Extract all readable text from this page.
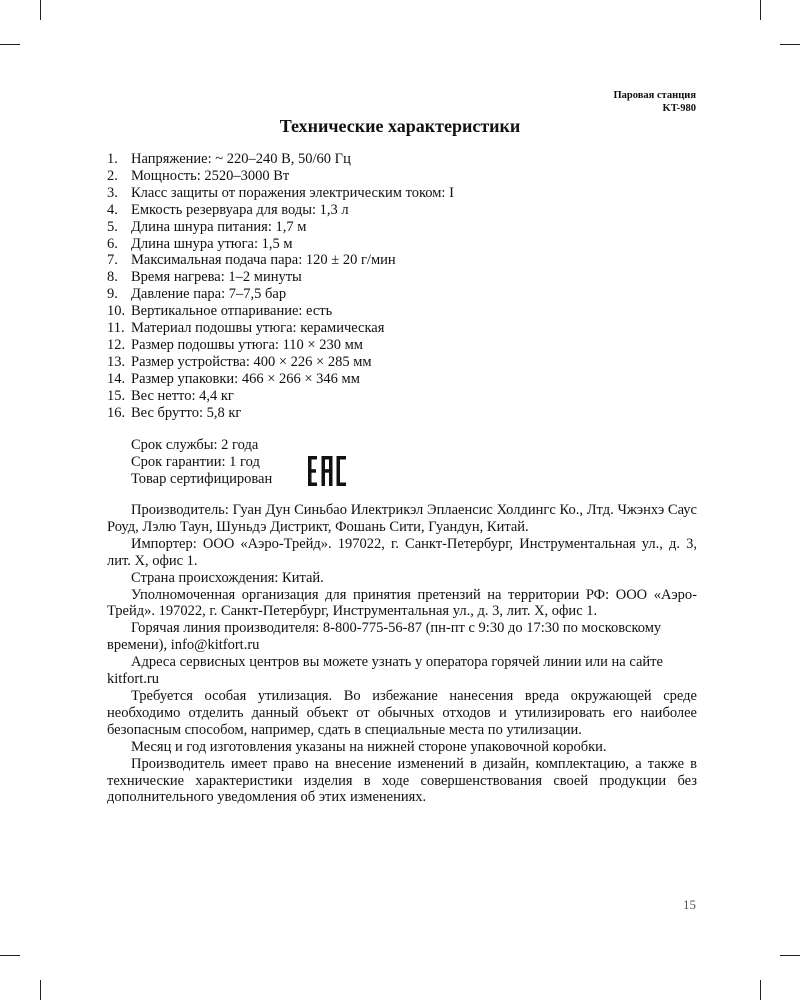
Паровая станция
KT-980
Технические характеристики
1. Напряжение: ~ 220–240 В, 50/60 Гц
2. Мощность: 2520–3000 Вт
3. Класс защиты от поражения электрическим током: I
4. Емкость резервуара для воды: 1,3 л
5. Длина шнура питания: 1,7 м
6. Длина шнура утюга: 1,5 м
7. Максимальная подача пара: 120 ± 20 г/мин
8. Время нагрева: 1–2 минуты
9. Давление пара: 7–7,5 бар
10. Вертикальное отпаривание: есть
11. Материал подошвы утюга: керамическая
12. Размер подошвы утюга: 110 × 230 мм
13. Размер устройства: 400 × 226 × 285 мм
14. Размер упаковки: 466 × 266 × 346 мм
15. Вес нетто: 4,4 кг
16. Вес брутто: 5,8 кг
Срок службы: 2 года
Срок гарантии: 1 год
Товар сертифицирован

Производитель: Гуан Дун Синьбао Илектрикэл Эплаенсис Холдингс Ко., Лтд. Чжэнхэ Саус Роуд, Лэлю Таун, Шуньдэ Дистрикт, Фошань Сити, Гуандун, Китай.

Импортер: ООО «Аэро-Трейд». 197022, г. Санкт-Петербург, Инструментальная ул., д. 3, лит. Х, офис 1.

Страна происхождения: Китай.

Уполномоченная организация для принятия претензий на территории РФ: ООО «Аэро-Трейд». 197022, г. Санкт-Петербург, Инструментальная ул., д. 3, лит. Х, офис 1.

Горячая линия производителя: 8-800-775-56-87 (пн-пт с 9:30 до 17:30 по московскому времени), info@kitfort.ru

Адреса сервисных центров вы можете узнать у оператора горячей линии или на сайте kitfort.ru

Требуется особая утилизация. Во избежание нанесения вреда окружающей среде необходимо отделить данный объект от обычных отходов и утилизировать его наиболее безопасным способом, например, сдать в специальные места по утилизации.

Месяц и год изготовления указаны на нижней стороне упаковочной коробки.

Производитель имеет право на внесение изменений в дизайн, комплектацию, а также в технические характеристики изделия в ходе совершенствования своей продукции без дополнительного уведомления об этих изменениях.

15
